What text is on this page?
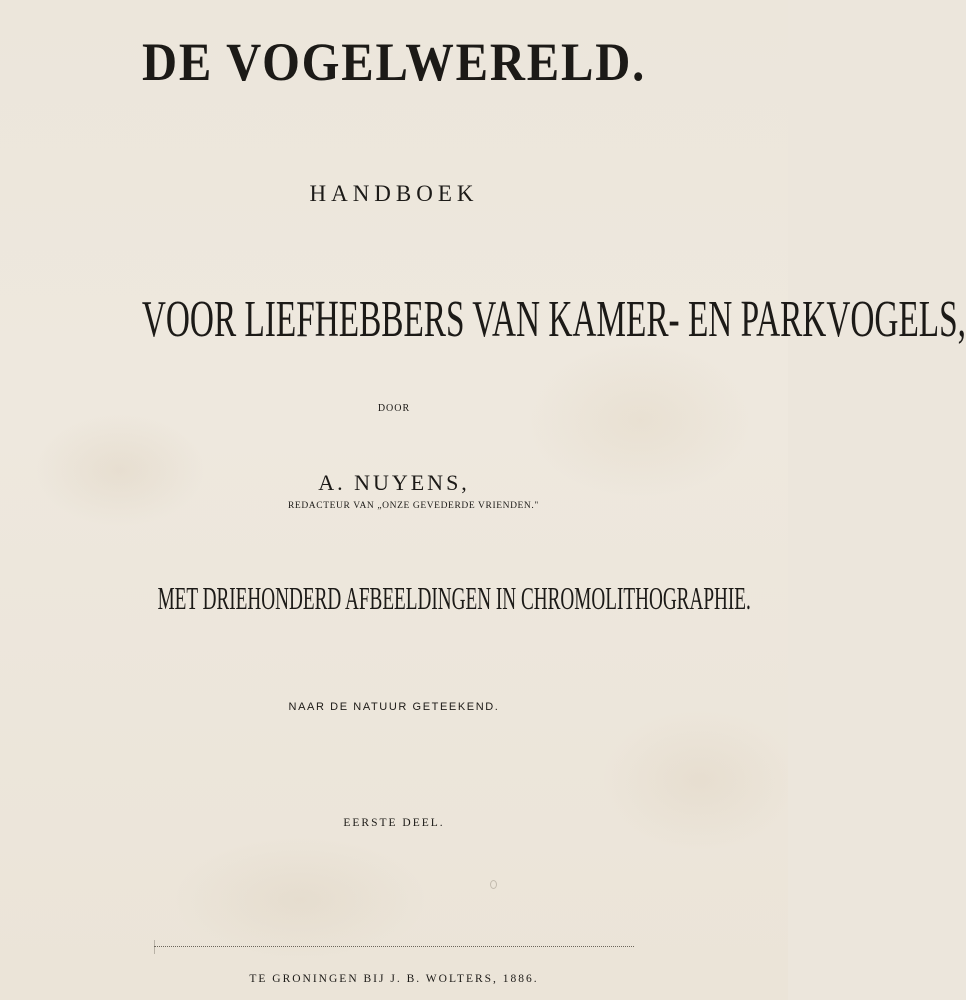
DE VOGELWERELD.
HANDBOEK
VOOR LIEFHEBBERS VAN KAMER- EN PARKVOGELS,
DOOR
A. NUYENS,
REDACTEUR VAN „ONZE GEVEDERDE VRIENDEN."
MET DRIEHONDERD AFBEELDINGEN IN CHROMOLITHOGRAPHIE.
NAAR DE NATUUR GETEEKEND.
EERSTE DEEL.
TE GRONINGEN BIJ J. B. WOLTERS, 1886.
